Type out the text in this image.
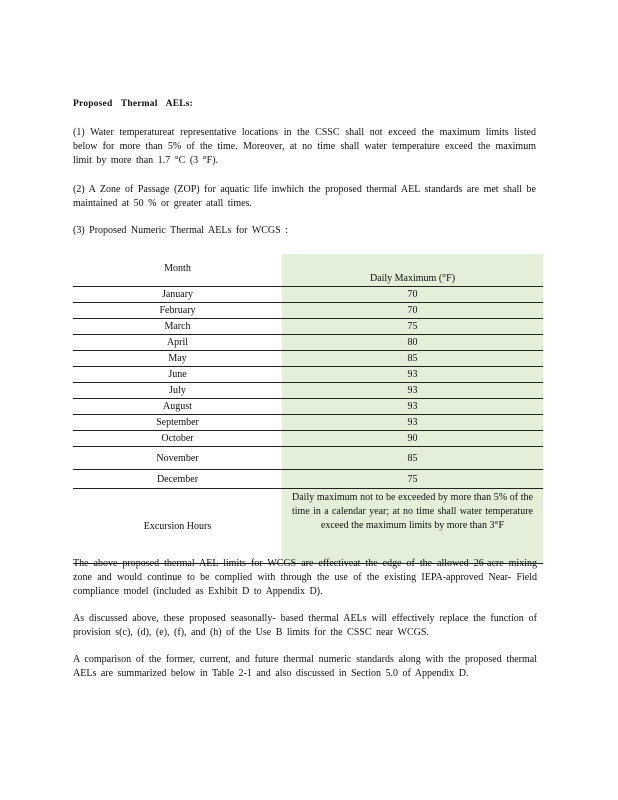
Proposed Thermal AELs:

(1) Water temperatureat representative locations in the CSSC shall not exceed the maximum limits listed below for more than 5% of the time. Moreover, at no time shall water temperature exceed the maximum limit by more than 1.7 °C (3 °F).

(2) A Zone of Passage (ZOP) for aquatic life inwhich the proposed thermal AEL standards are met shall be maintained at 50 % or greater atall times.

(3) Proposed Numeric Thermal AELs for WCGS :

Month	Daily Maximum (°F)
January	70
February	70
March	75
April	80
May	85
June	93
July	93
August	93
September	93
October	90
November	85
December	75
Excursion Hours	Daily maximum not to be exceeded by more than 5% of the time in a calendar year; at no time shall water temperature exceed the maximum limits by more than 3°F

The above proposed thermal AEL limits for WCGS are effectiveat the edge of the allowed 26-acre mixing zone and would continue to be complied with through the use of the existing IEPA-approved Near- Field compliance model (included as Exhibit D to Appendix D).

As discussed above, these proposed seasonally- based thermal AELs will effectively replace the function of provision s(c), (d), (e), (f), and (h) of the Use B limits for the CSSC near WCGS.

A comparison of the former, current, and future thermal numeric standards along with the proposed thermal AELs are summarized below in Table 2-1 and also discussed in Section 5.0 of Appendix D.
